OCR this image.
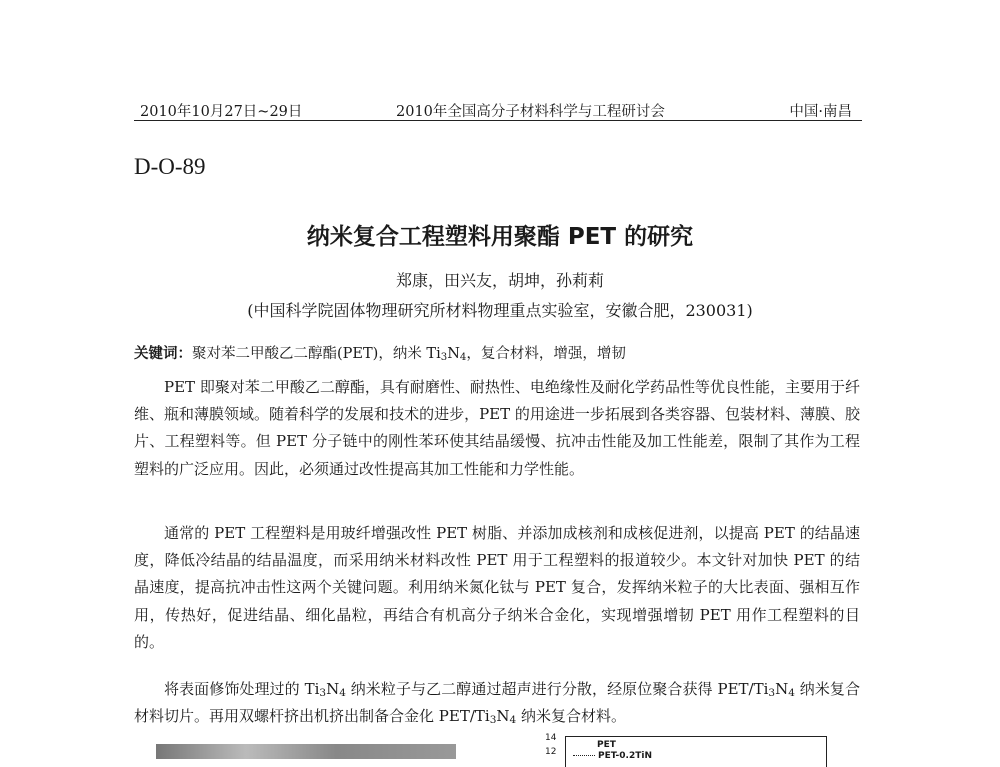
2010年10月27日~29日	2010年全国高分子材料科学与工程研讨会	中国·南昌
D-O-89
纳米复合工程塑料用聚酯 PET 的研究
郑康，田兴友，胡坤，孙莉莉
(中国科学院固体物理研究所材料物理重点实验室，安徽合肥，230031)
关键词：聚对苯二甲酸乙二醇酯(PET)，纳米 $Ti_3N_4$，复合材料，增强，增韧

PET 即聚对苯二甲酸乙二醇酯，具有耐磨性、耐热性、电绝缘性及耐化学药品性等优良性能，主要用于纤维、瓶和薄膜领域。随着科学的发展和技术的进步，PET 的用途进一步拓展到各类容器、包装材料、薄膜、胶片、工程塑料等。但 PET 分子链中的刚性苯环使其结晶缓慢、抗冲击性能及加工性能差，限制了其作为工程塑料的广泛应用。因此，必须通过改性提高其加工性能和力学性能。

通常的 PET 工程塑料是用玻纤增强改性 PET 树脂、并添加成核剂和成核促进剂，以提高 PET 的结晶速度，降低冷结晶的结晶温度，而采用纳米材料改性 PET 用于工程塑料的报道较少。本文针对加快 PET 的结晶速度，提高抗冲击性这两个关键问题。利用纳米氮化钛与 PET 复合，发挥纳米粒子的大比表面、强相互作用，传热好，促进结晶、细化晶粒，再结合有机高分子纳米合金化，实现增强增韧 PET 用作工程塑料的目的。

将表面修饰处理过的 $Ti_3N_4$ 纳米粒子与乙二醇通过超声进行分散，经原位聚合获得 PET/$Ti_3N_4$ 纳米复合材料切片。再用双螺杆挤出机挤出制备合金化 PET/$Ti_3N_4$ 纳米复合材料。

14
12
PET
PET-0.2TiN
